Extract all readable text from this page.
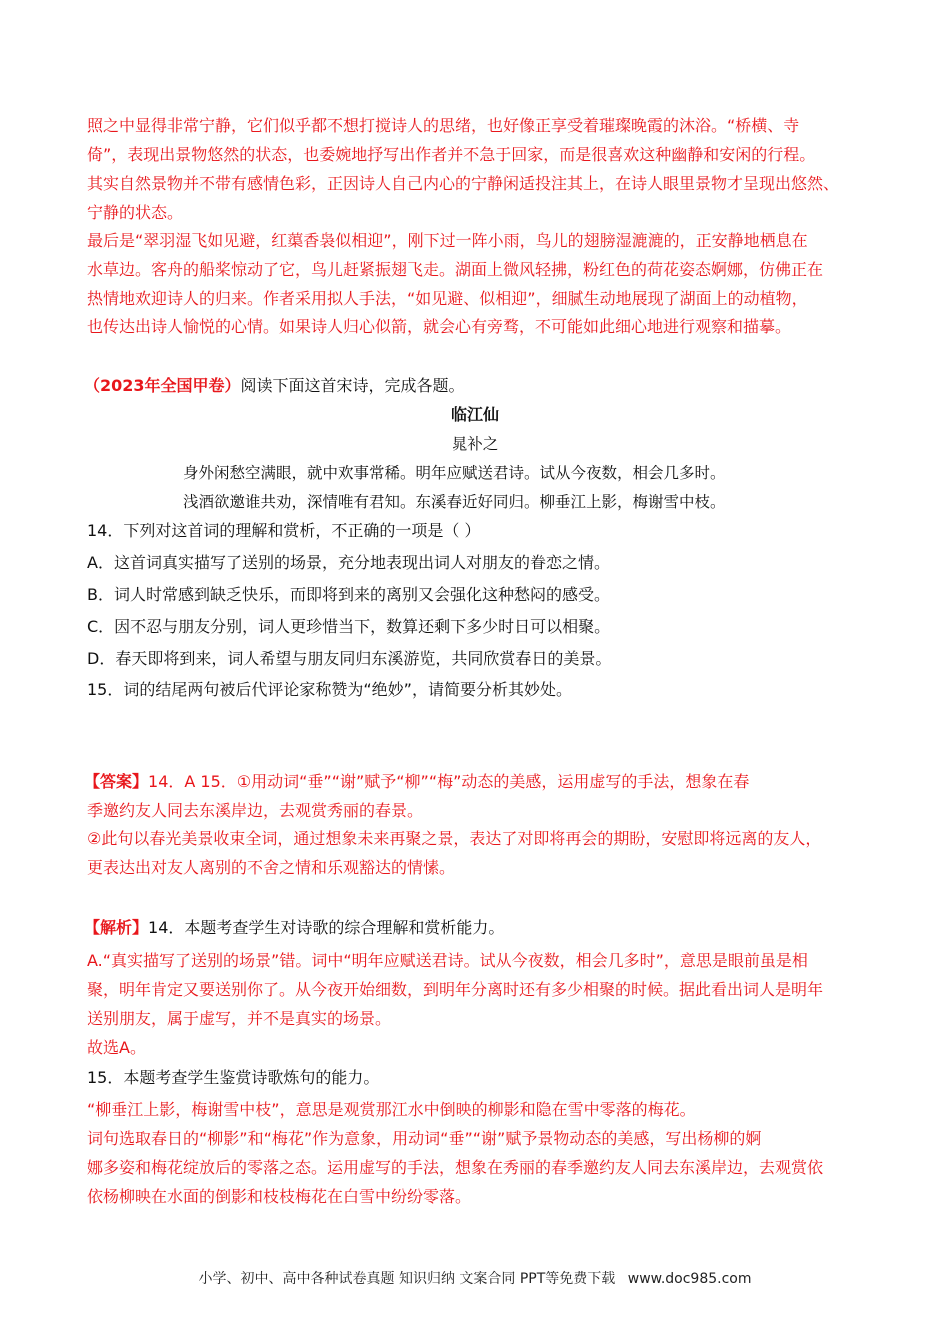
照之中显得非常宁静，它们似乎都不想打搅诗人的思绪，也好像正享受着璀璨晚霞的沐浴。“桥横、寺
倚”，表现出景物悠然的状态，也委婉地抒写出作者并不急于回家，而是很喜欢这种幽静和安闲的行程。
其实自然景物并不带有感情色彩，正因诗人自己内心的宁静闲适投注其上，在诗人眼里景物才呈现出悠然、
宁静的状态。
最后是“翠羽湿飞如见避，红蕖香袅似相迎”，刚下过一阵小雨，鸟儿的翅膀湿漉漉的，正安静地栖息在
水草边。客舟的船桨惊动了它，鸟儿赶紧振翅飞走。湖面上微风轻拂，粉红色的荷花姿态婀娜，仿佛正在
热情地欢迎诗人的归来。作者采用拟人手法，“如见避、似相迎”，细腻生动地展现了湖面上的动植物，
也传达出诗人愉悦的心情。如果诗人归心似箭，就会心有旁骛，不可能如此细心地进行观察和描摹。
（2023年全国甲卷）阅读下面这首宋诗，完成各题。
临江仙
晁补之
身外闲愁空满眼，就中欢事常稀。明年应赋送君诗。试从今夜数，相会几多时。
浅酒欲邀谁共劝，深情唯有君知。东溪春近好同归。柳垂江上影，梅谢雪中枝。
14．下列对这首词的理解和赏析，不正确的一项是（ ）
A．这首词真实描写了送别的场景，充分地表现出词人对朋友的眷恋之情。
B．词人时常感到缺乏快乐，而即将到来的离别又会强化这种愁闷的感受。
C．因不忍与朋友分别，词人更珍惜当下，数算还剩下多少时日可以相聚。
D．春天即将到来，词人希望与朋友同归东溪游览，共同欣赏春日的美景。
15．词的结尾两句被后代评论家称赞为“绝妙”，请简要分析其妙处。
【答案】14．A 15．①用动词“垂”“谢”赋予“柳”“梅”动态的美感，运用虚写的手法，想象在春
季邀约友人同去东溪岸边，去观赏秀丽的春景。
②此句以春光美景收束全词，通过想象未来再聚之景，表达了对即将再会的期盼，安慰即将远离的友人，
更表达出对友人离别的不舍之情和乐观豁达的情愫。
【解析】14．本题考查学生对诗歌的综合理解和赏析能力。
A.“真实描写了送别的场景”错。词中“明年应赋送君诗。试从今夜数，相会几多时”，意思是眼前虽是相
聚，明年肯定又要送别你了。从今夜开始细数，到明年分离时还有多少相聚的时候。据此看出词人是明年
送别朋友，属于虚写，并不是真实的场景。
故选A。
15．本题考查学生鉴赏诗歌炼句的能力。
“柳垂江上影，梅谢雪中枝”，意思是观赏那江水中倒映的柳影和隐在雪中零落的梅花。
词句选取春日的“柳影”和“梅花”作为意象，用动词“垂”“谢”赋予景物动态的美感，写出杨柳的婀
娜多姿和梅花绽放后的零落之态。运用虚写的手法，想象在秀丽的春季邀约友人同去东溪岸边，去观赏依
依杨柳映在水面的倒影和枝枝梅花在白雪中纷纷零落。
小学、初中、高中各种试卷真题 知识归纳 文案合同 PPT等免费下载 www.doc985.com
